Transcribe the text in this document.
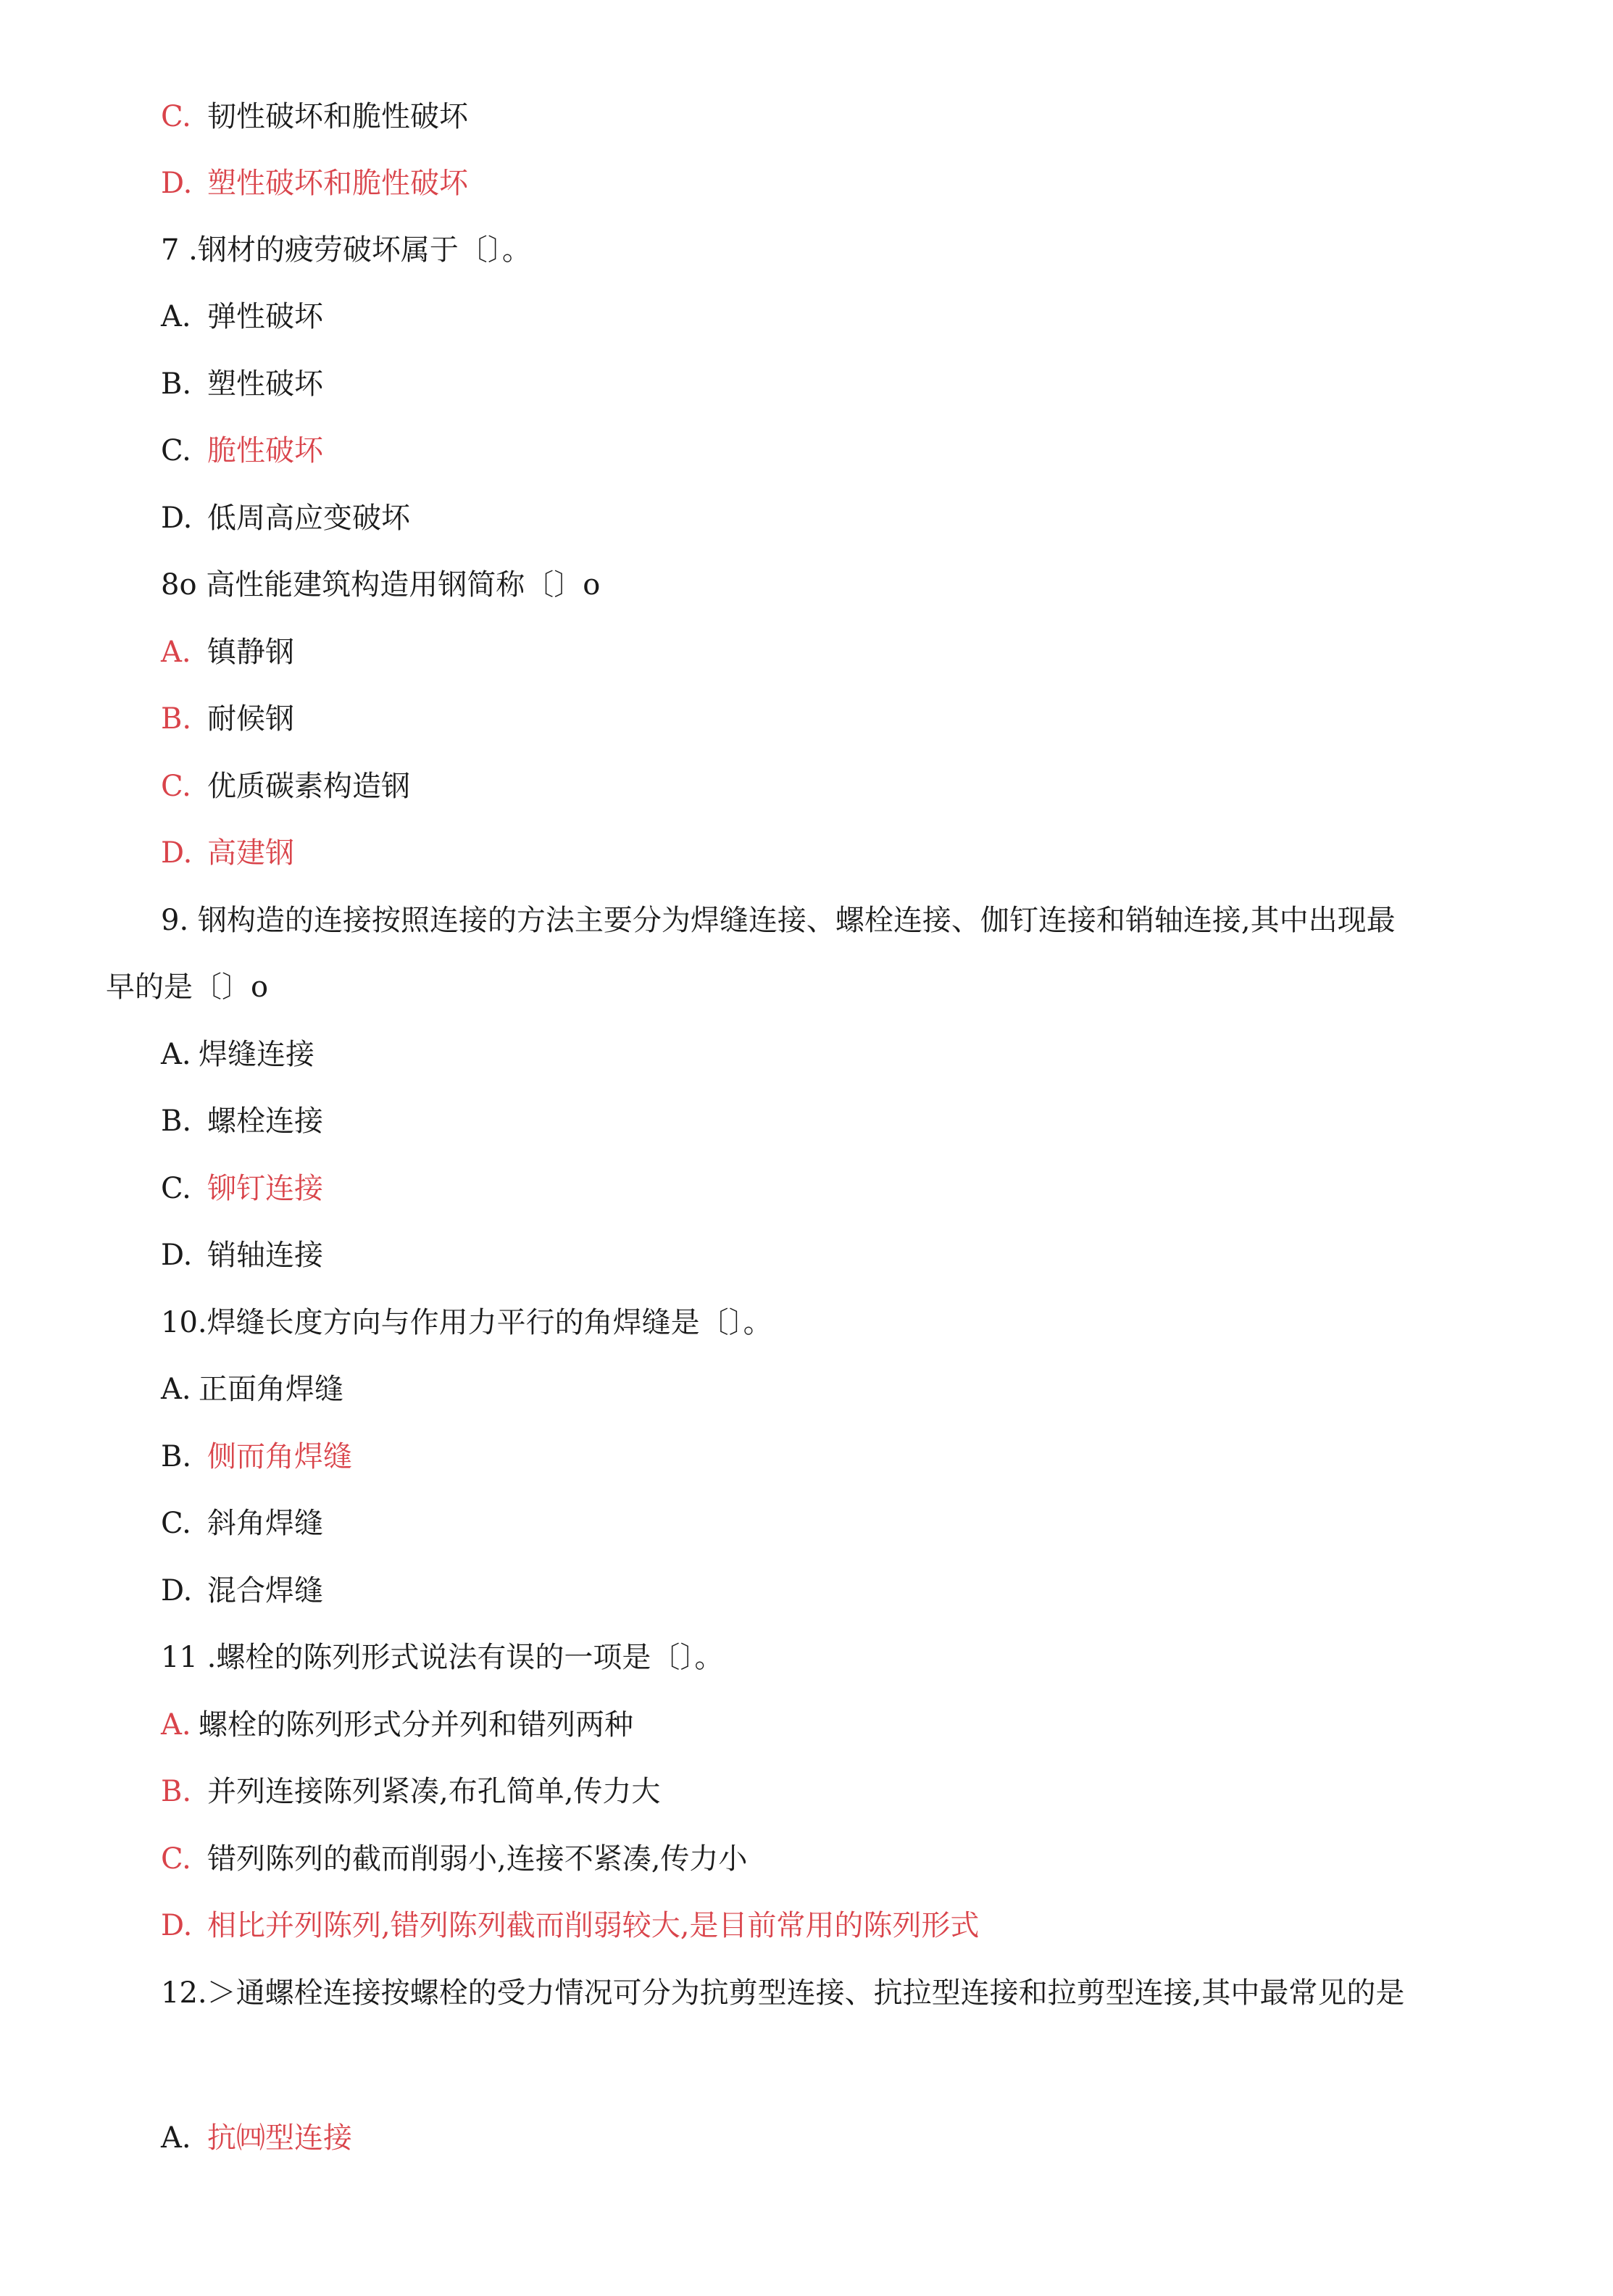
C. 韧性破坏和脆性破坏
D. 塑性破坏和脆性破坏
7 .钢材的疲劳破坏属于〔〕。
A. 弹性破坏
B. 塑性破坏
C. 脆性破坏
D. 低周高应变破坏
8o 高性能建筑构造用钢简称〔〕o
A. 镇静钢
B. 耐候钢
C. 优质碳素构造钢
D. 高建钢
9. 钢构造的连接按照连接的方法主要分为焊缝连接、螺栓连接、伽钉连接和销轴连接,其中出现最
早的是〔〕o
A. 焊缝连接
B. 螺栓连接
C. 铆钉连接
D. 销轴连接
10.焊缝长度方向与作用力平行的角焊缝是〔〕。
A. 正面角焊缝
B. 侧而角焊缝
C. 斜角焊缝
D. 混合焊缝
11 .螺栓的陈列形式说法有误的一项是〔〕。
A. 螺栓的陈列形式分并列和错列两种
B. 并列连接陈列紧凑,布孔简单,传力大
C. 错列陈列的截而削弱小,连接不紧凑,传力小
D. 相比并列陈列,错列陈列截而削弱较大,是目前常用的陈列形式
12.＞通螺栓连接按螺栓的受力情况可分为抗剪型连接、抗拉型连接和拉剪型连接,其中最常见的是
A. 抗㈣型连接
